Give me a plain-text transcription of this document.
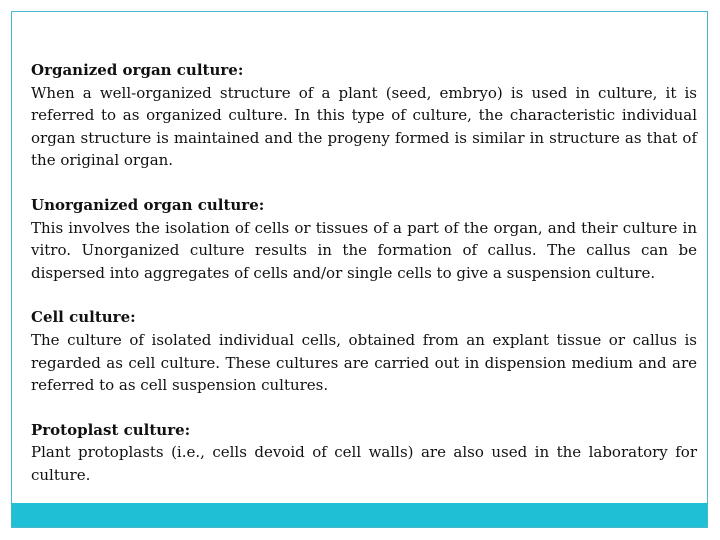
Organized organ culture:
When a well-organized structure of a plant (seed, embryo) is used in culture, it is referred to as organized culture. In this type of culture, the characteristic individual organ structure is maintained and the progeny formed is similar in structure as that of the original organ.
Unorganized organ culture:
This involves the isolation of cells or tissues of a part of the organ, and their culture in vitro. Unorganized culture results in the formation of callus. The callus can be dispersed into aggregates of cells and/or single cells to give a suspension culture.
Cell culture:
The culture of isolated individual cells, obtained from an explant tissue or callus is regarded as cell culture. These cultures are carried out in dispension medium and are referred to as cell suspension cultures.
Protoplast culture:
Plant protoplasts (i.e., cells devoid of cell walls) are also used in the laboratory for culture.
